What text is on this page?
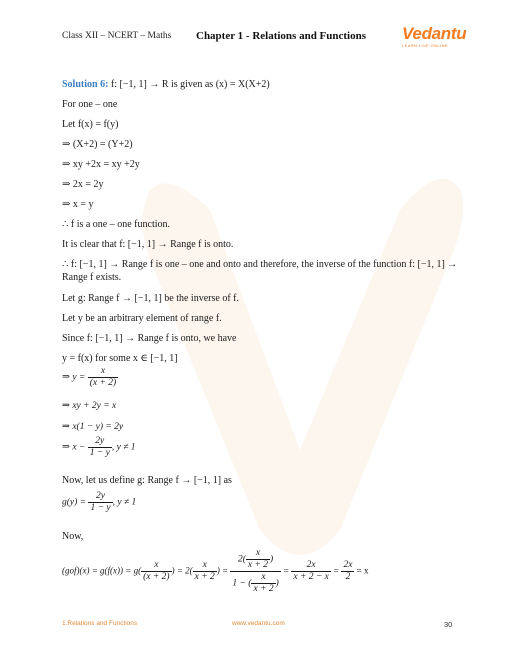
Class XII – NCERT – Maths Chapter 1 - Relations and Functions Vedantu
LEARN LIVE ONLINE
Solution 6: f: [−1, 1] → R is given as (x) = X(X+2)
For one – one
Let f(x) = f(y)
⇒ (X+2) = (Y+2)
⇒ xy +2x = xy +2y
⇒ 2x = 2y
⇒ x = y
∴ f is a one – one function.
It is clear that f: [−1, 1] → Range f is onto.
∴ f: [−1, 1] → Range f is one – one and onto and therefore, the inverse of the function f: [−1, 1] → Range f exists.
Let g: Range f → [−1, 1] be the inverse of f.
Let y be an arbitrary element of range f.
Since f: [−1, 1] → Range f is onto, we have
y = f(x) for some x ∈ [−1, 1]
⇒ $y = \frac{x}{(x + 2)}$
⇒ xy + 2y = x
⇒ x(1 − y) = 2y
⇒ $x - \frac{2y}{1 - y}$ , y ≠ 1
Now, let us define g: Range f → [−1, 1] as
$g(y) = \frac{2y}{1 - y}$ , y ≠ 1
Now,
$(gof)(x) = g(f(x)) = g( \frac{x}{(x + 2)}$ ) = $2( \frac{x}{x + 2}$ ) = $\frac{2( \frac{x}{x + 2} )}{1 - ( \frac{x}{x + 2} )} = \frac{2x}{x + 2 - x} = \frac{2x}{2} = x$
1.Relations and Functions	www.vedantu.com	30
